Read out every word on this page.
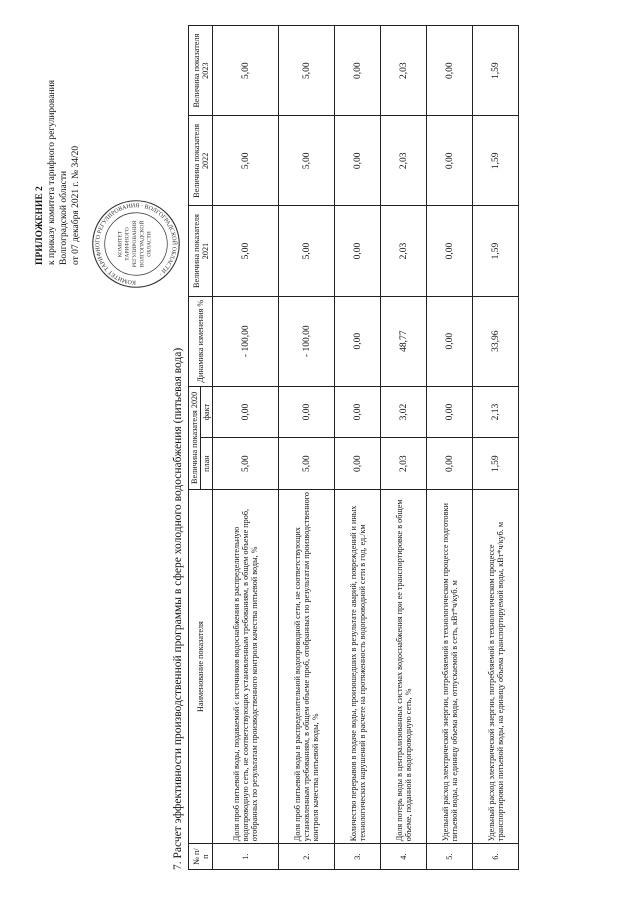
ПРИЛОЖЕНИЕ 2 к приказу комитета тарифного регулирования Волгоградской области от 07 декабря 2021 г. № 34/20
КОМИТЕТ ТАРИФНОГО РЕГУЛИРОВАНИЯ · ВОЛГОГРАДСКОЙ ОБЛАСТИ ·
КОМИТЕТТАРИФНОГОРЕГУЛИРОВАНИЯВОЛГОГРАДСКОЙОБЛАСТИ
7. Расчет эффективности производственной программы в сфере холодного водоснабжения (питьевая вода) № п/п	Наименование показателя	Величина показателя 2020		Динамика изменения %	Величина показателя 2021	Величина показателя 2022	Величина показателя 2023
		план	факт				
1.	Доля проб питьевой воды, подаваемой с источников водоснабжения в распределительную водопроводную сеть, не соответствующих установленным требованиям, в общем объеме проб, отобранных по результатам производственного контроля качества питьевой воды, %	5,00	0,00	- 100,00	5,00	5,00	5,00
2.	Доля проб питьевой воды в распределительной водопроводной сети, не соответствующих установленным требованиям, в общем объеме проб, отобранных по результатам производственного контроля качества питьевой воды, %	5,00	0,00	- 100,00	5,00	5,00	5,00
3.	Количество перерывов в подаче воды, произошедших в результате аварий, повреждений и иных технологических нарушений в расчете на протяженность водопроводной сети в год, ед./км	0,00	0,00	0,00	0,00	0,00	0,00
4.	Доля потерь воды в централизованных системах водоснабжения при ее транспортировке в общем объеме, поданной в водопроводную сеть, %	2,03	3,02	48,77	2,03	2,03	2,03
5.	Удельный расход электрической энергии, потребляемой в технологическом процессе подготовки питьевой воды, на единицу объема воды, отпускаемой в сеть, кВт*ч/куб. м	0,00	0,00	0,00	0,00	0,00	0,00
6.	Удельный расход электрической энергии, потребляемой в технологическом процессе транспортировки питьевой воды, на единицу объема транспортируемой воды, кВт*ч/куб. м	1,59	2,13	33,96	1,59	1,59	1,59
